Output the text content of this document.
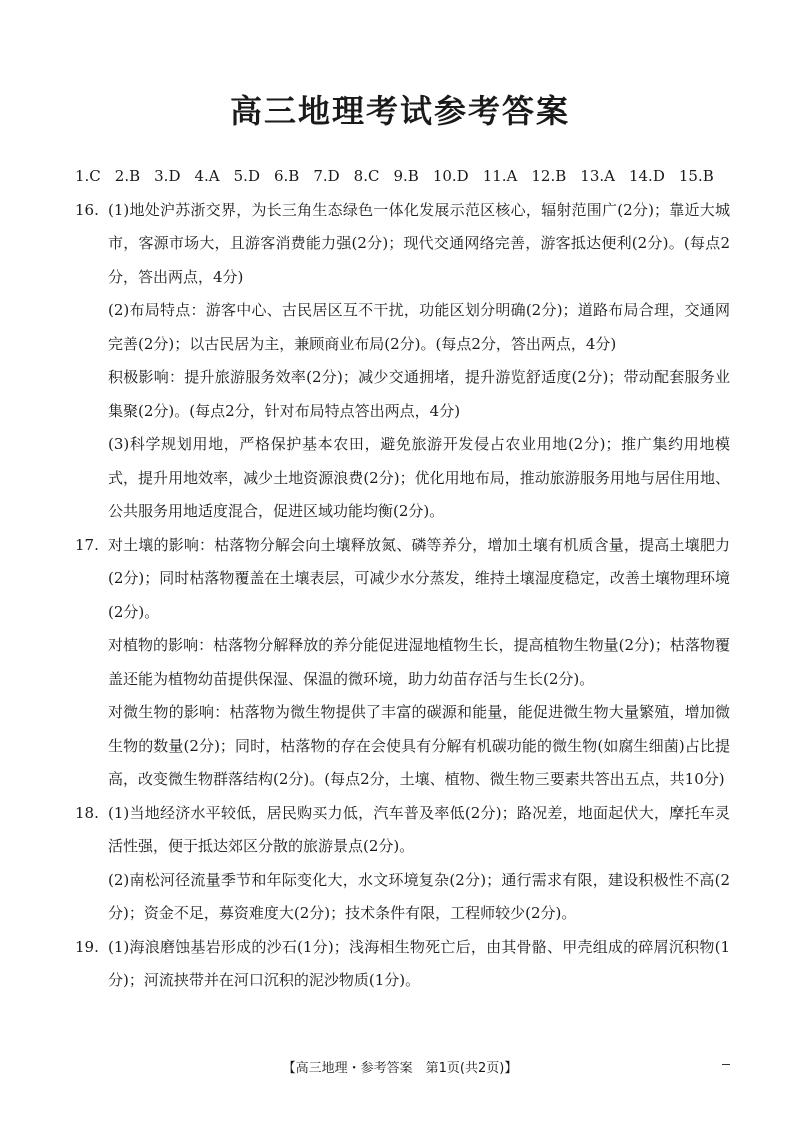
高三地理考试参考答案
1.C 2.B 3.D 4.A 5.D 6.B 7.D 8.C 9.B 10.D 11.A 12.B 13.A 14.D 15.B
16. (1)地处沪苏浙交界，为长三角生态绿色一体化发展示范区核心，辐射范围广(2分)；靠近大城市，客源市场大，且游客消费能力强(2分)；现代交通网络完善，游客抵达便利(2分)。(每点2分，答出两点，4分)

(2)布局特点：游客中心、古民居区互不干扰，功能区划分明确(2分)；道路布局合理，交通网完善(2分)；以古民居为主，兼顾商业布局(2分)。(每点2分，答出两点，4分)

积极影响：提升旅游服务效率(2分)；减少交通拥堵，提升游览舒适度(2分)；带动配套服务业集聚(2分)。(每点2分，针对布局特点答出两点，4分)

(3)科学规划用地，严格保护基本农田，避免旅游开发侵占农业用地(2分)；推广集约用地模式，提升用地效率，减少土地资源浪费(2分)；优化用地布局，推动旅游服务用地与居住用地、公共服务用地适度混合，促进区域功能均衡(2分)。

17. 对土壤的影响：枯落物分解会向土壤释放氮、磷等养分，增加土壤有机质含量，提高土壤肥力(2分)；同时枯落物覆盖在土壤表层，可减少水分蒸发，维持土壤湿度稳定，改善土壤物理环境(2分)。

对植物的影响：枯落物分解释放的养分能促进湿地植物生长，提高植物生物量(2分)；枯落物覆盖还能为植物幼苗提供保湿、保温的微环境，助力幼苗存活与生长(2分)。

对微生物的影响：枯落物为微生物提供了丰富的碳源和能量，能促进微生物大量繁殖，增加微生物的数量(2分)；同时，枯落物的存在会使具有分解有机碳功能的微生物(如腐生细菌)占比提高，改变微生物群落结构(2分)。(每点2分，土壤、植物、微生物三要素共答出五点，共10分)

18. (1)当地经济水平较低，居民购买力低，汽车普及率低(2分)；路况差，地面起伏大，摩托车灵活性强，便于抵达郊区分散的旅游景点(2分)。

(2)南松河径流量季节和年际变化大，水文环境复杂(2分)；通行需求有限，建设积极性不高(2分)；资金不足，募资难度大(2分)；技术条件有限，工程师较少(2分)。

19. (1)海浪磨蚀基岩形成的沙石(1分)；浅海相生物死亡后，由其骨骼、甲壳组成的碎屑沉积物(1分)；河流挟带并在河口沉积的泥沙物质(1分)。

【高三地理・参考答案　第1页(共2页)】
